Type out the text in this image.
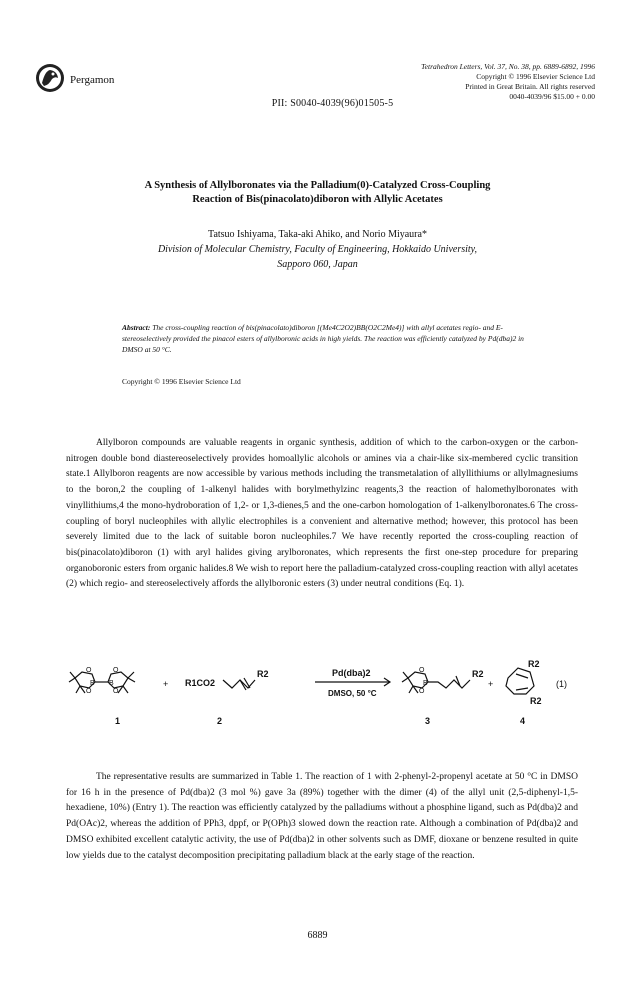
Pergamon
Tetrahedron Letters, Vol. 37, No. 38, pp. 6889-6892, 1996
Copyright © 1996 Elsevier Science Ltd
Printed in Great Britain. All rights reserved
0040-4039/96 $15.00 + 0.00
PII: S0040-4039(96)01505-5
A Synthesis of Allylboronates via the Palladium(0)-Catalyzed Cross-Coupling
Reaction of Bis(pinacolato)diboron with Allylic Acetates
Tatsuo Ishiyama, Taka-aki Ahiko, and Norio Miyaura*
Division of Molecular Chemistry, Faculty of Engineering, Hokkaido University,
Sapporo 060, Japan
Abstract: The cross-coupling reaction of bis(pinacolato)diboron [(Me4C2O2)BB(O2C2Me4)] with allyl acetates regio- and E-stereoselectively provided the pinacol esters of allylboronic acids in high yields. The reaction was efficiently catalyzed by Pd(dba)2 in DMSO at 50 °C.
Copyright © 1996 Elsevier Science Ltd
Allylboron compounds are valuable reagents in organic synthesis, addition of which to the carbon-oxygen or the carbon-nitrogen double bond diastereoselectively provides homoallylic alcohols or amines via a chair-like six-membered cyclic transition state.1 Allylboron reagents are now accessible by various methods including the transmetalation of allyllithiums or allylmagnesiums to the boron,2 the coupling of 1-alkenyl halides with borylmethylzinc reagents,3 the reaction of halomethylboronates with vinyllithiums,4 the mono-hydroboration of 1,2- or 1,3-dienes,5 and the one-carbon homologation of 1-alkenylboronates.6 The cross-coupling of boryl nucleophiles with allylic electrophiles is a convenient and alternative method; however, this protocol has been severely limited due to the lack of suitable boron nucleophiles.7 We have recently reported the cross-coupling reaction of bis(pinacolato)diboron (1) with aryl halides giving arylboronates, which represents the first one-step procedure for preparing organoboronic esters from organic halides.8 We wish to report here the palladium-catalyzed cross-coupling reaction with allyl acetates (2) which regio- and stereoselectively affords the allylboronic esters (3) under neutral conditions (Eq. 1).
B B
O	O
O	O
B
O
O
+ R1CO2
R2	Pd(dba)2
DMSO, 50 °C
R2
+
R2
R2
(1)
1	2	3	4
The representative results are summarized in Table 1. The reaction of 1 with 2-phenyl-2-propenyl acetate at 50 °C in DMSO for 16 h in the presence of Pd(dba)2 (3 mol %) gave 3a (89%) together with the dimer (4) of the allyl unit (2,5-diphenyl-1,5-hexadiene, 10%) (Entry 1). The reaction was efficiently catalyzed by the palladiums without a phosphine ligand, such as Pd(dba)2 and Pd(OAc)2, whereas the addition of PPh3, dppf, or P(OPh)3 slowed down the reaction rate. Although a combination of Pd(dba)2 and DMSO exhibited excellent catalytic activity, the use of Pd(dba)2 in other solvents such as DMF, dioxane or benzene resulted in quite low yields due to the catalyst decomposition precipitating palladium black at the early stage of the reaction.
6889
